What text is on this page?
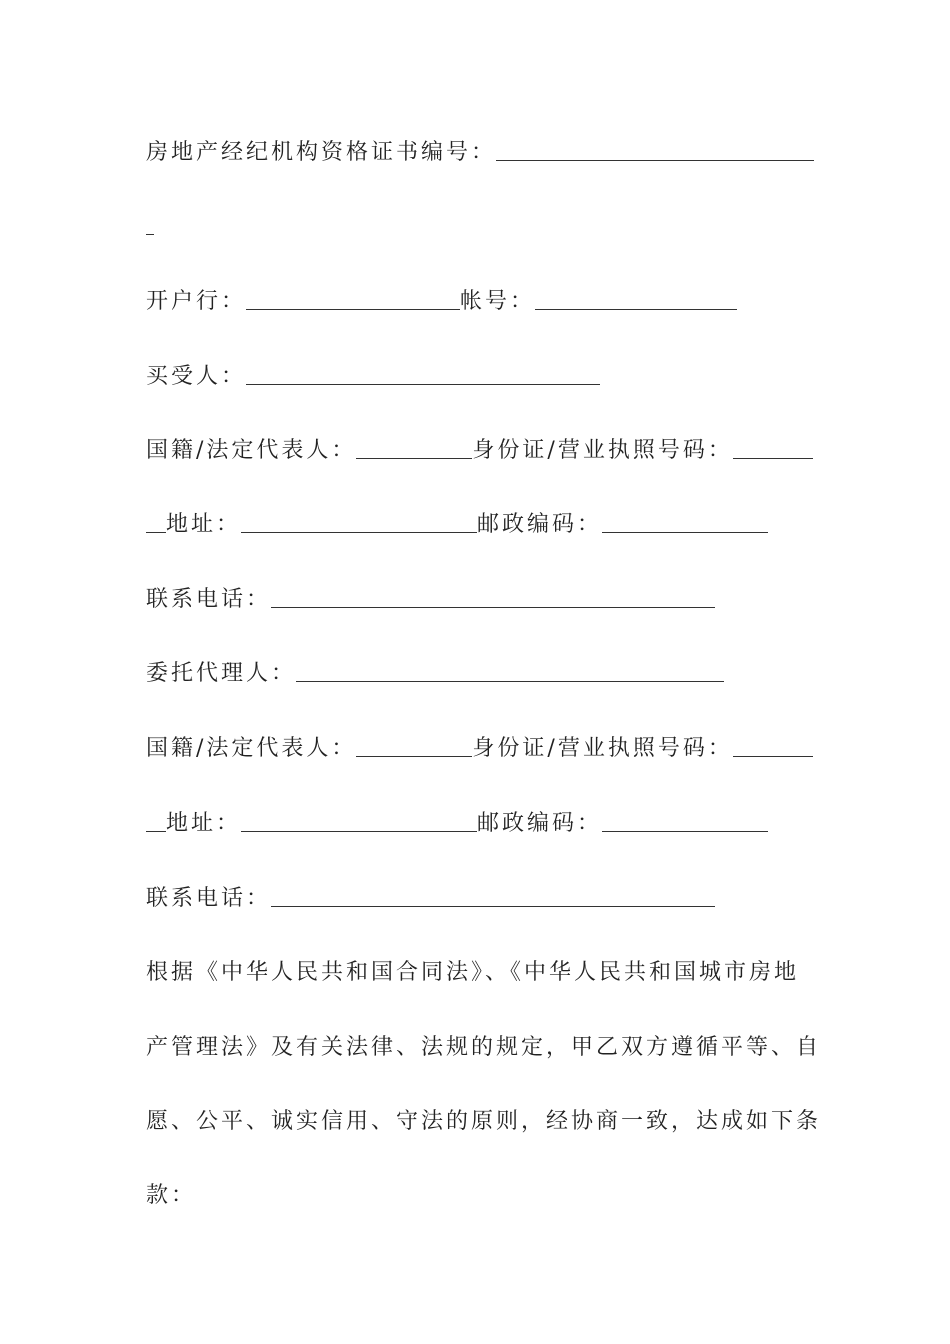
房地产经纪机构资格证书编号：
开户行：	帐号：
买受人：
国籍/法定代表人：	身份证/营业执照号码：
地址：	邮政编码：
联系电话：
委托代理人：
国籍/法定代表人：	身份证/营业执照号码：
地址：	邮政编码：
联系电话：
根据《中华人民共和国合同法》、《中华人民共和国城市房地
产管理法》及有关法律、法规的规定，甲乙双方遵循平等、自
愿、公平、诚实信用、守法的原则，经协商一致，达成如下条
款：
